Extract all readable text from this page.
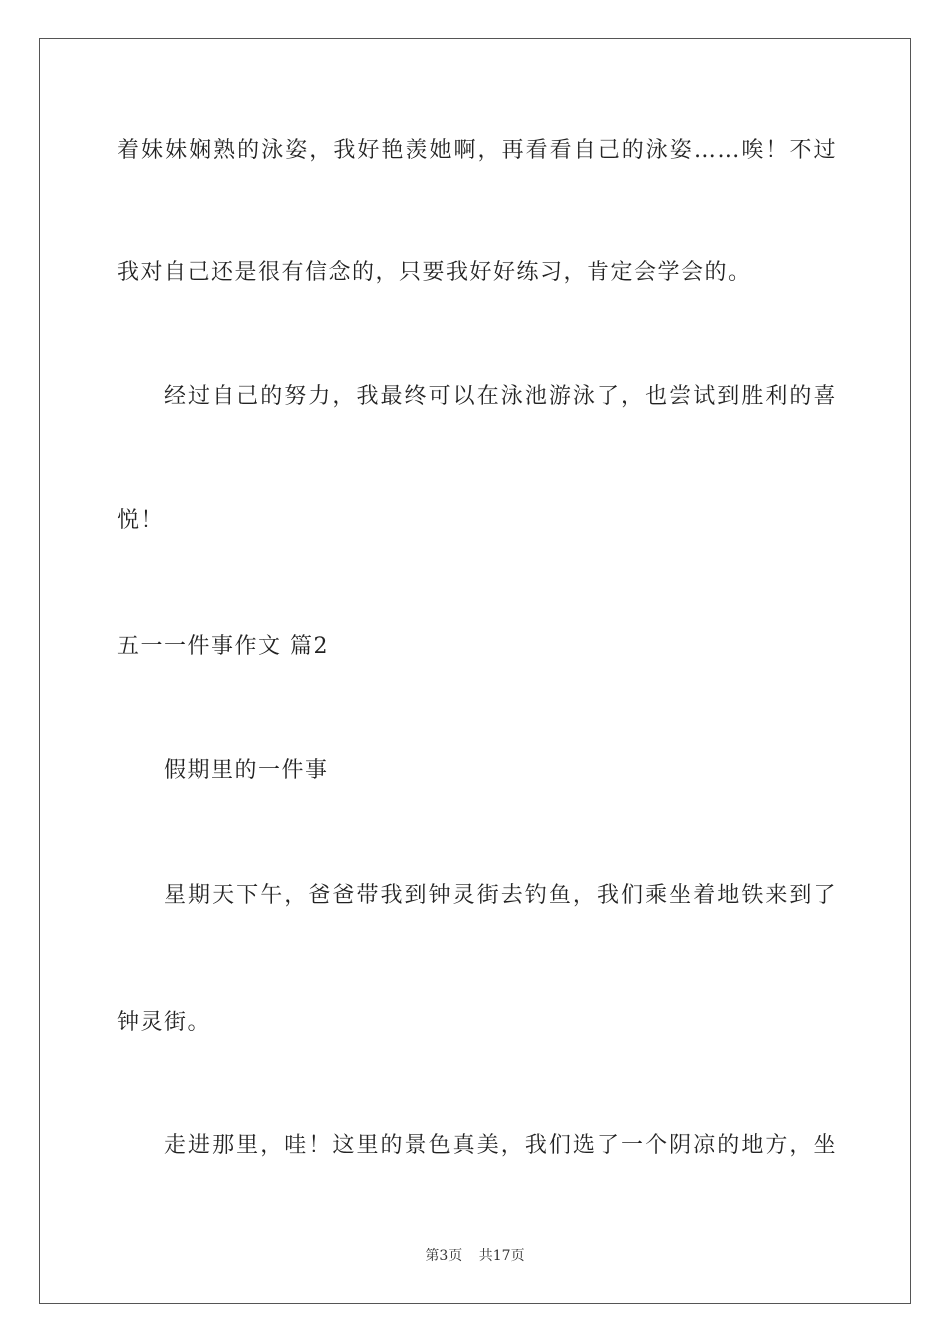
着妹妹娴熟的泳姿，我好艳羡她啊，再看看自己的泳姿……唉！不过
我对自己还是很有信念的，只要我好好练习，肯定会学会的。
经过自己的努力，我最终可以在泳池游泳了，也尝试到胜利的喜
悦！
五一一件事作文 篇2
假期里的一件事
星期天下午，爸爸带我到钟灵街去钓鱼，我们乘坐着地铁来到了
钟灵街。
走进那里，哇！这里的景色真美，我们选了一个阴凉的地方，坐
第3页 共17页
